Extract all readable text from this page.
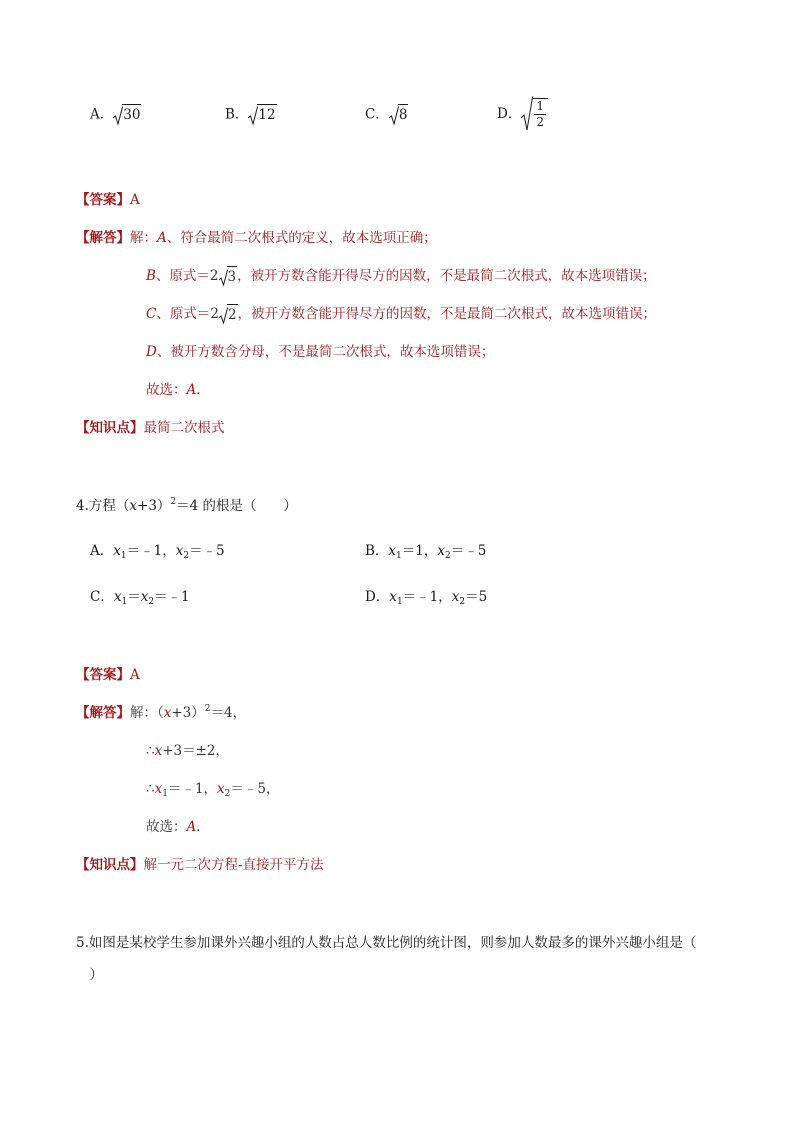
A． 30	B． 12	C． 8	D． $\frac{1}{2}$
【答案】A
【解答】解：A、符合最简二次根式的定义，故本选项正确；
B、原式＝2 3，被开方数含能开得尽方的因数，不是最简二次根式，故本选项错误；
C、原式＝2 2，被开方数含能开得尽方的因数，不是最简二次根式，故本选项错误；
D、被开方数含分母，不是最简二次根式，故本选项错误；
故选：A．
【知识点】最简二次根式
4.方程$(x+3)^2=4$ 的根是（　　）
A．$x_1=﹣1$，$x_2=﹣5$	B．$x_1=1$，$x_2=﹣5$
C．$x_1=x_2=﹣1$	D．$x_1=﹣1$，$x_2=5$
【答案】A
【解答】解：$(x+3)^2=4$，
∴x+3＝±2，
$\therefore x_1=﹣1$，$x_2=﹣5$，
故选：A．
【知识点】解一元二次方程-直接开平方法
5.如图是某校学生参加课外兴趣小组的人数占总人数比例的统计图，则参加人数最多的课外兴趣小组是（
　）
